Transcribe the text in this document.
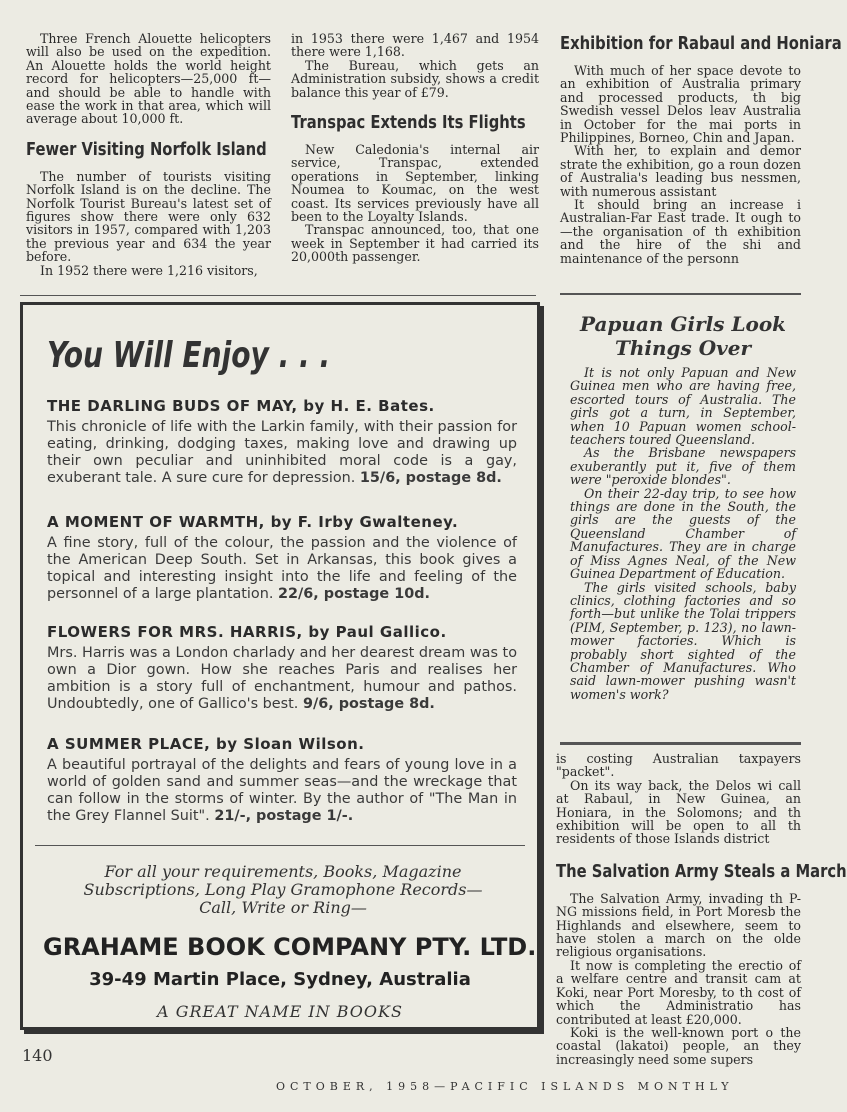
Three French Alouette helicopters will also be used on the expedition. An Alouette holds the world height record for helicopters—25,000 ft—and should be able to handle with ease the work in that area, which will average about 10,000 ft.

Fewer Visiting Norfolk Island

The number of tourists visiting Norfolk Island is on the decline. The Norfolk Tourist Bureau's latest set of figures show there were only 632 visitors in 1957, compared with 1,203 the previous year and 634 the year before.

In 1952 there were 1,216 visitors,

in 1953 there were 1,467 and 1954 there were 1,168.

The Bureau, which gets an Administration subsidy, shows a credit balance this year of £79.

Transpac Extends Its Flights

New Caledonia's internal air service, Transpac, extended operations in September, linking Noumea to Koumac, on the west coast. Its services previously have all been to the Loyalty Islands.

Transpac announced, too, that one week in September it had carried its 20,000th passenger.

Exhibition for Rabaul and Honiara

With much of her space devote to an exhibition of Australia primary and processed products, th big Swedish vessel Delos leav Australia in October for the mai ports in Philippines, Borneo, Chin and Japan.

With her, to explain and demor strate the exhibition, go a roun dozen of Australia's leading bus nessmen, with numerous assistant

It should bring an increase i Australian-Far East trade. It ough to—the organisation of th exhibition and the hire of the shi and maintenance of the personn

Papuan Girls Look Things Over

It is not only Papuan and New Guinea men who are having free, escorted tours of Australia. The girls got a turn, in September, when 10 Papuan women school-teachers toured Queensland.

As the Brisbane newspapers exuberantly put it, five of them were "peroxide blondes".

On their 22-day trip, to see how things are done in the South, the girls are the guests of the Queensland Chamber of Manufactures. They are in charge of Miss Agnes Neal, of the New Guinea Department of Education.

The girls visited schools, baby clinics, clothing factories and so forth—but unlike the Tolai trippers (PIM, September, p. 123), no lawn-mower factories. Which is probably short sighted of the Chamber of Manufactures. Who said lawn-mower pushing wasn't women's work?

is costing Australian taxpayers "packet".

On its way back, the Delos wi call at Rabaul, in New Guinea, an Honiara, in the Solomons; and th exhibition will be open to all th residents of those Islands district

The Salvation Army Steals a March

The Salvation Army, invading th P-NG missions field, in Port Moresb the Highlands and elsewhere, seem to have stolen a march on the olde religious organisations.

It now is completing the erectio of a welfare centre and transit cam at Koki, near Port Moresby, to th cost of which the Administratio has contributed at least £20,000.

Koki is the well-known port o the coastal (lakatoi) people, an they increasingly need some supers

You Will Enjoy . . .
THE DARLING BUDS OF MAY, by H. E. Bates.
This chronicle of life with the Larkin family, with their passion for eating, drinking, dodging taxes, making love and drawing up their own peculiar and uninhibited moral code is a gay, exuberant tale. A sure cure for depression. 15/6, postage 8d.
A MOMENT OF WARMTH, by F. Irby Gwalteney.
A fine story, full of the colour, the passion and the violence of the American Deep South. Set in Arkansas, this book gives a topical and interesting insight into the life and feeling of the personnel of a large plantation. 22/6, postage 10d.
FLOWERS FOR MRS. HARRIS, by Paul Gallico.
Mrs. Harris was a London charlady and her dearest dream was to own a Dior gown. How she reaches Paris and realises her ambition is a story full of enchantment, humour and pathos. Undoubtedly, one of Gallico's best. 9/6, postage 8d.
A SUMMER PLACE, by Sloan Wilson.
A beautiful portrayal of the delights and fears of young love in a world of golden sand and summer seas—and the wreckage that can follow in the storms of winter. By the author of "The Man in the Grey Flannel Suit". 21/-, postage 1/-.
For all your requirements, Books, Magazine Subscriptions, Long Play Gramophone Records—Call, Write or Ring—
GRAHAME BOOK COMPANY PTY. LTD.
39-49 Martin Place, Sydney, Australia
A GREAT NAME IN BOOKS
140
OCTOBER, 1958—PACIFIC ISLANDS MONTHLY
